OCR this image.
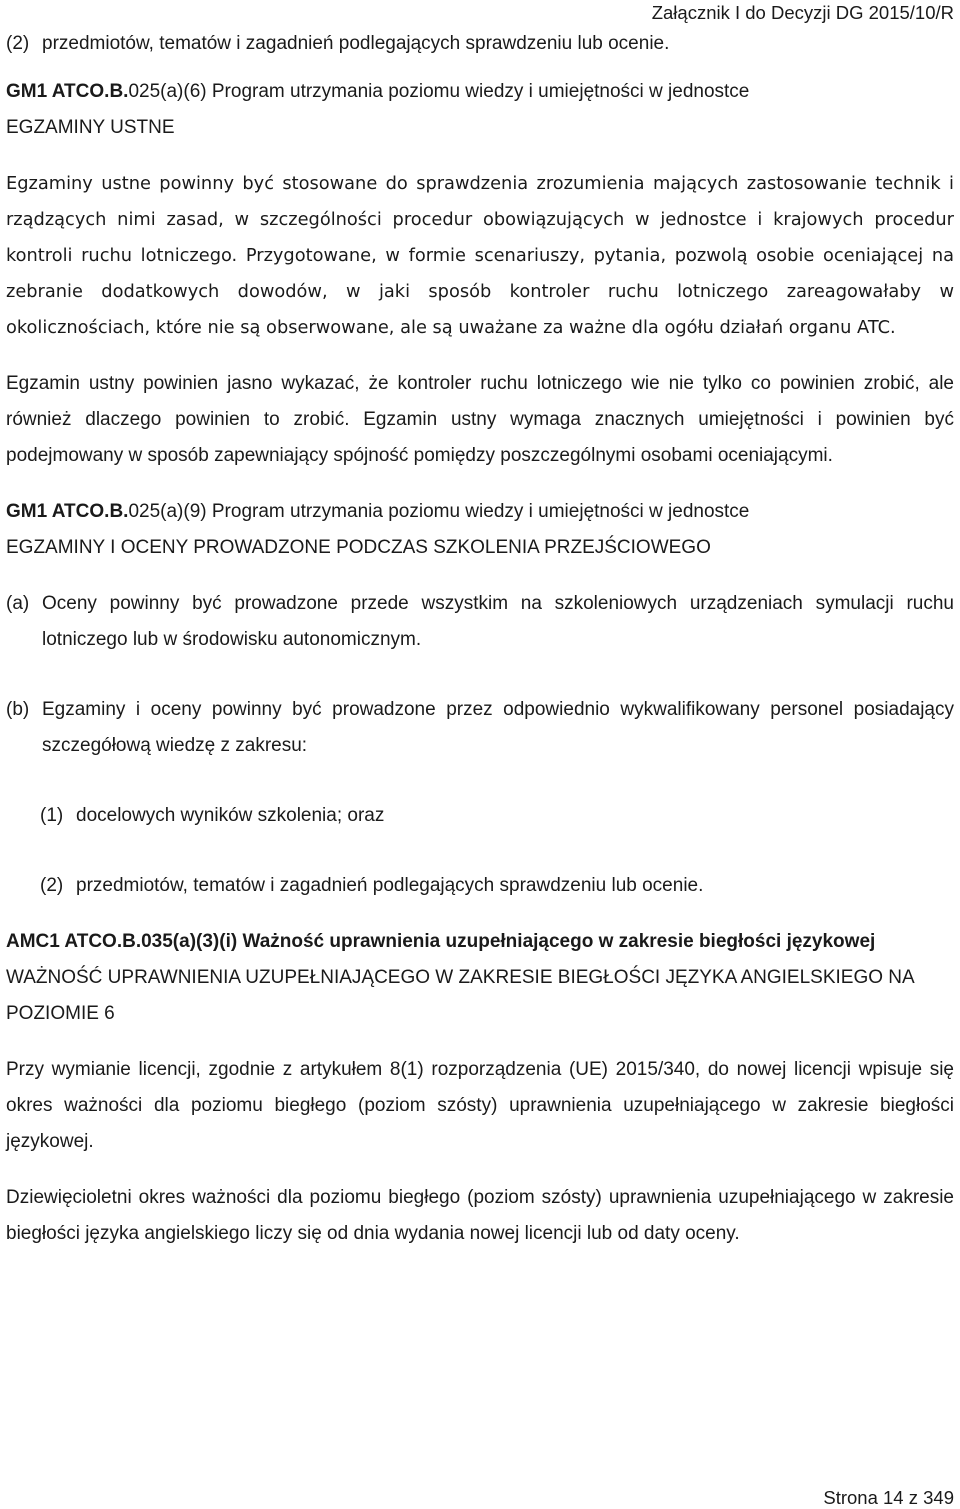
Załącznik I do Decyzji DG 2015/10/R
(2) przedmiotów, tematów i zagadnień podlegających sprawdzeniu lub ocenie.
GM1 ATCO.B.025(a)(6) Program utrzymania poziomu wiedzy i umiejętności w jednostce
EGZAMINY USTNE

Egzaminy ustne powinny być stosowane do sprawdzenia zrozumienia mających zastosowanie technik i rządzących nimi zasad, w szczególności procedur obowiązujących w jednostce i krajowych procedur kontroli ruchu lotniczego. Przygotowane, w formie scenariuszy, pytania, pozwolą osobie oceniającej na zebranie dodatkowych dowodów, w jaki sposób kontroler ruchu lotniczego zareagowałaby w okolicznościach, które nie są obserwowane, ale są uważane za ważne dla ogółu działań organu ATC.

Egzamin ustny powinien jasno wykazać, że kontroler ruchu lotniczego wie nie tylko co powinien zrobić, ale również dlaczego powinien to zrobić. Egzamin ustny wymaga znacznych umiejętności i powinien być podejmowany w sposób zapewniający spójność pomiędzy poszczególnymi osobami oceniającymi.

GM1 ATCO.B.025(a)(9) Program utrzymania poziomu wiedzy i umiejętności w jednostce
EGZAMINY I OCENY PROWADZONE PODCZAS SZKOLENIA PRZEJŚCIOWEGO
(a) Oceny powinny być prowadzone przede wszystkim na szkoleniowych urządzeniach symulacji ruchu lotniczego lub w środowisku autonomicznym.
(b) Egzaminy i oceny powinny być prowadzone przez odpowiednio wykwalifikowany personel posiadający szczegółową wiedzę z zakresu:
(1) docelowych wyników szkolenia; oraz
(2) przedmiotów, tematów i zagadnień podlegających sprawdzeniu lub ocenie.
AMC1 ATCO.B.035(a)(3)(i) Ważność uprawnienia uzupełniającego w zakresie biegłości językowej
WAŻNOŚĆ UPRAWNIENIA UZUPEŁNIAJĄCEGO W ZAKRESIE BIEGŁOŚCI JĘZYKA ANGIELSKIEGO NA POZIOMIE 6

Przy wymianie licencji, zgodnie z artykułem 8(1) rozporządzenia (UE) 2015/340, do nowej licencji wpisuje się okres ważności dla poziomu biegłego (poziom szósty) uprawnienia uzupełniającego w zakresie biegłości językowej.

Dziewięcioletni okres ważności dla poziomu biegłego (poziom szósty) uprawnienia uzupełniającego w zakresie biegłości języka angielskiego liczy się od dnia wydania nowej licencji lub od daty oceny.

Strona 14 z 349
